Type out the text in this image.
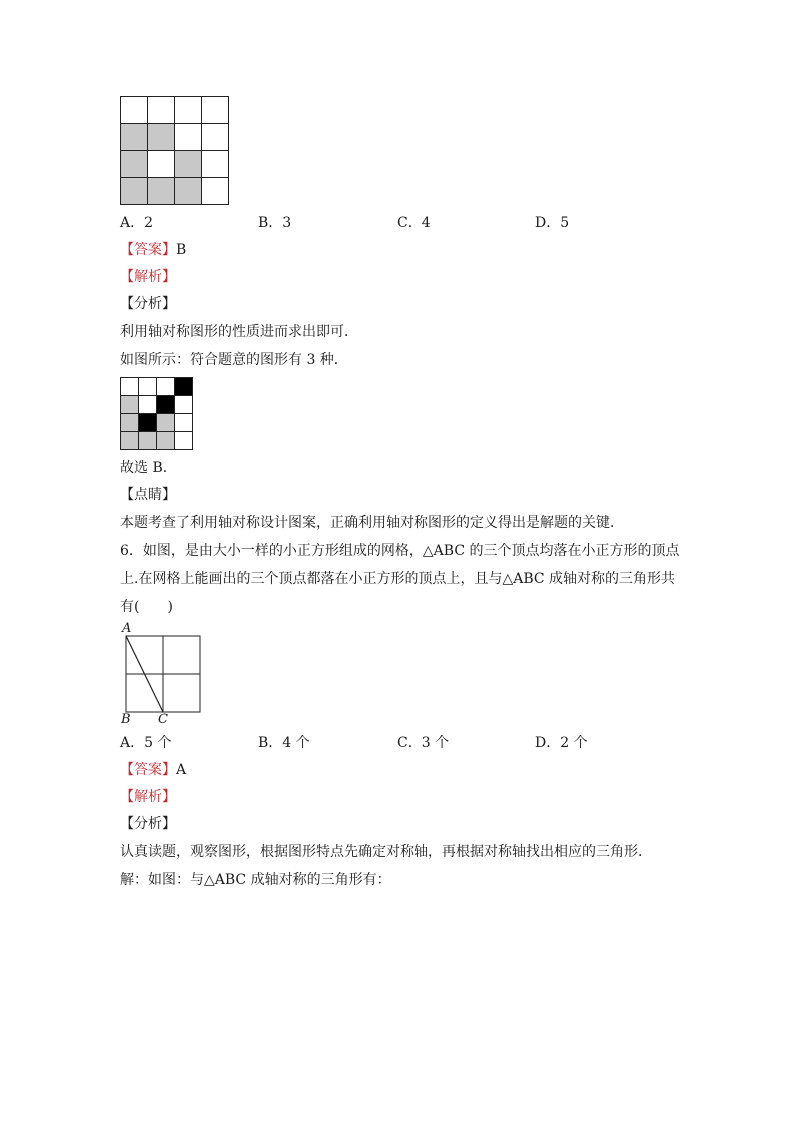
A．2	B．3	C．4	D．5
【答案】B
【解析】
【分析】
利用轴对称图形的性质进而求出即可．
如图所示：符合题意的图形有 3 种．

故选 B．
【点睛】
本题考查了利用轴对称设计图案，正确利用轴对称图形的定义得出是解题的关键．
6．如图，是由大小一样的小正方形组成的网格，△ABC 的三个顶点均落在小正方形的顶点
上.在网格上能画出的三个顶点都落在小正方形的顶点上，且与△ABC 成轴对称的三角形共
有(　　)
A
B C
A．5 个	B．4 个	C．3 个	D．2 个
【答案】A
【解析】
【分析】
认真读题，观察图形，根据图形特点先确定对称轴，再根据对称轴找出相应的三角形.
解：如图：与△ABC 成轴对称的三角形有：
